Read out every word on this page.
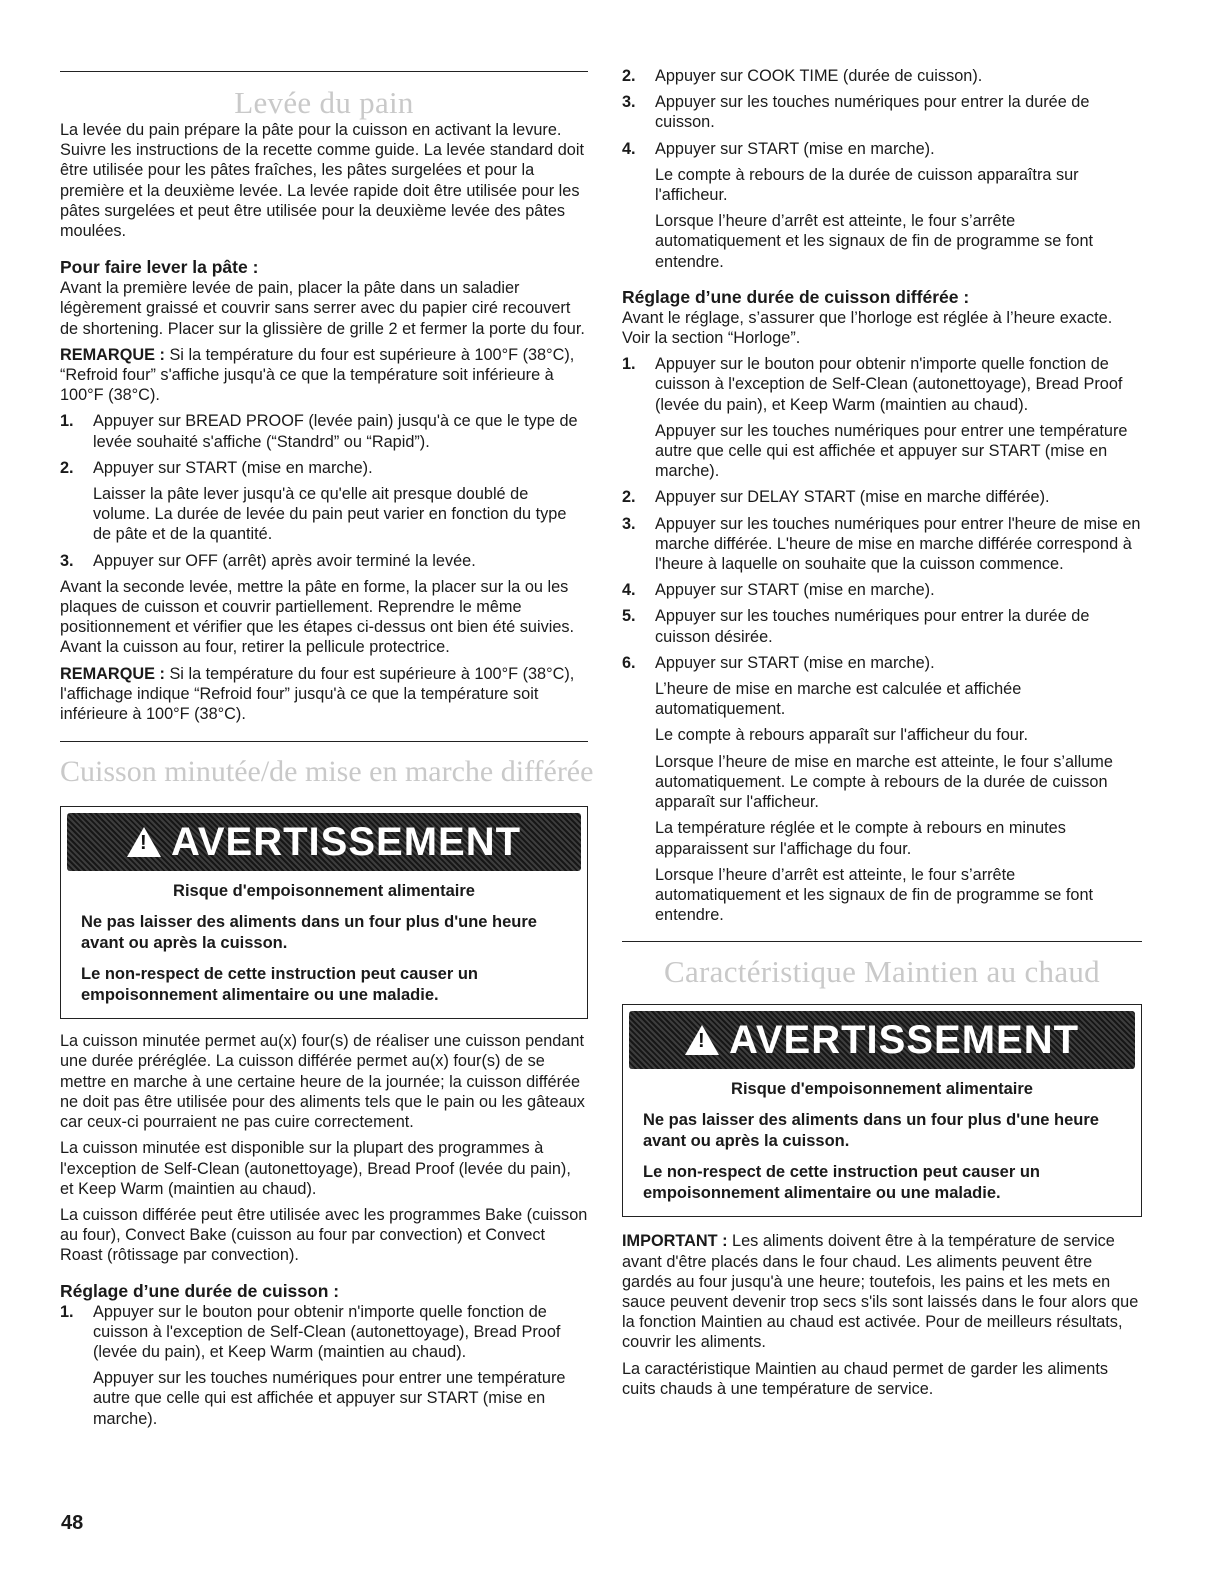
Levée du pain

La levée du pain prépare la pâte pour la cuisson en activant la levure. Suivre les instructions de la recette comme guide. La levée standard doit être utilisée pour les pâtes fraîches, les pâtes surgelées et pour la première et la deuxième levée. La levée rapide doit être utilisée pour les pâtes surgelées et peut être utilisée pour la deuxième levée des pâtes moulées.

Pour faire lever la pâte :

Avant la première levée de pain, placer la pâte dans un saladier légèrement graissé et couvrir sans serrer avec du papier ciré recouvert de shortening. Placer sur la glissière de grille 2 et fermer la porte du four.

REMARQUE : Si la température du four est supérieure à 100°F (38°C), “Refroid four” s'affiche jusqu'à ce que la température soit inférieure à 100°F (38°C).

1. Appuyer sur BREAD PROOF (levée pain) jusqu'à ce que le type de levée souhaité s'affiche (“Standrd” ou “Rapid”).
2. Appuyer sur START (mise en marche).

Laisser la pâte lever jusqu'à ce qu'elle ait presque doublé de volume. La durée de levée du pain peut varier en fonction du type de pâte et de la quantité.

3. Appuyer sur OFF (arrêt) après avoir terminé la levée.

Avant la seconde levée, mettre la pâte en forme, la placer sur la ou les plaques de cuisson et couvrir partiellement. Reprendre le même positionnement et vérifier que les étapes ci-dessus ont bien été suivies. Avant la cuisson au four, retirer la pellicule protectrice.

REMARQUE : Si la température du four est supérieure à 100°F (38°C), l'affichage indique “Refroid four” jusqu'à ce que la température soit inférieure à 100°F (38°C).

Cuisson minutée/de mise en marche différée
! AVERTISSEMENT
Risque d'empoisonnement alimentaire
Ne pas laisser des aliments dans un four plus d'une heure avant ou après la cuisson.
Le non-respect de cette instruction peut causer un empoisonnement alimentaire ou une maladie.

La cuisson minutée permet au(x) four(s) de réaliser une cuisson pendant une durée préréglée. La cuisson différée permet au(x) four(s) de se mettre en marche à une certaine heure de la journée; la cuisson différée ne doit pas être utilisée pour des aliments tels que le pain ou les gâteaux car ceux-ci pourraient ne pas cuire correctement.

La cuisson minutée est disponible sur la plupart des programmes à l'exception de Self-Clean (autonettoyage), Bread Proof (levée du pain), et Keep Warm (maintien au chaud).

La cuisson différée peut être utilisée avec les programmes Bake (cuisson au four), Convect Bake (cuisson au four par convection) et Convect Roast (rôtissage par convection).

Réglage d’une durée de cuisson :
1. Appuyer sur le bouton pour obtenir n'importe quelle fonction de cuisson à l'exception de Self-Clean (autonettoyage), Bread Proof (levée du pain), et Keep Warm (maintien au chaud).

Appuyer sur les touches numériques pour entrer une température autre que celle qui est affichée et appuyer sur START (mise en marche).

2. Appuyer sur COOK TIME (durée de cuisson).
3. Appuyer sur les touches numériques pour entrer la durée de cuisson.
4. Appuyer sur START (mise en marche).

Le compte à rebours de la durée de cuisson apparaîtra sur l'afficheur.

Lorsque l’heure d’arrêt est atteinte, le four s’arrête automatiquement et les signaux de fin de programme se font entendre.

Réglage d’une durée de cuisson différée :

Avant le réglage, s’assurer que l’horloge est réglée à l’heure exacte. Voir la section “Horloge”.

1. Appuyer sur le bouton pour obtenir n'importe quelle fonction de cuisson à l'exception de Self-Clean (autonettoyage), Bread Proof (levée du pain), et Keep Warm (maintien au chaud).

Appuyer sur les touches numériques pour entrer une température autre que celle qui est affichée et appuyer sur START (mise en marche).

2. Appuyer sur DELAY START (mise en marche différée).
3. Appuyer sur les touches numériques pour entrer l'heure de mise en marche différée. L'heure de mise en marche différée correspond à l'heure à laquelle on souhaite que la cuisson commence.
4. Appuyer sur START (mise en marche).
5. Appuyer sur les touches numériques pour entrer la durée de cuisson désirée.
6. Appuyer sur START (mise en marche).

L’heure de mise en marche est calculée et affichée automatiquement.

Le compte à rebours apparaît sur l'afficheur du four.

Lorsque l’heure de mise en marche est atteinte, le four s’allume automatiquement. Le compte à rebours de la durée de cuisson apparaît sur l'afficheur.

La température réglée et le compte à rebours en minutes apparaissent sur l'affichage du four.

Lorsque l’heure d’arrêt est atteinte, le four s’arrête automatiquement et les signaux de fin de programme se font entendre.

Caractéristique Maintien au chaud
! AVERTISSEMENT
Risque d'empoisonnement alimentaire
Ne pas laisser des aliments dans un four plus d'une heure avant ou après la cuisson.
Le non-respect de cette instruction peut causer un empoisonnement alimentaire ou une maladie.

IMPORTANT : Les aliments doivent être à la température de service avant d'être placés dans le four chaud. Les aliments peuvent être gardés au four jusqu'à une heure; toutefois, les pains et les mets en sauce peuvent devenir trop secs s'ils sont laissés dans le four alors que la fonction Maintien au chaud est activée. Pour de meilleurs résultats, couvrir les aliments.

La caractéristique Maintien au chaud permet de garder les aliments cuits chauds à une température de service.

48
